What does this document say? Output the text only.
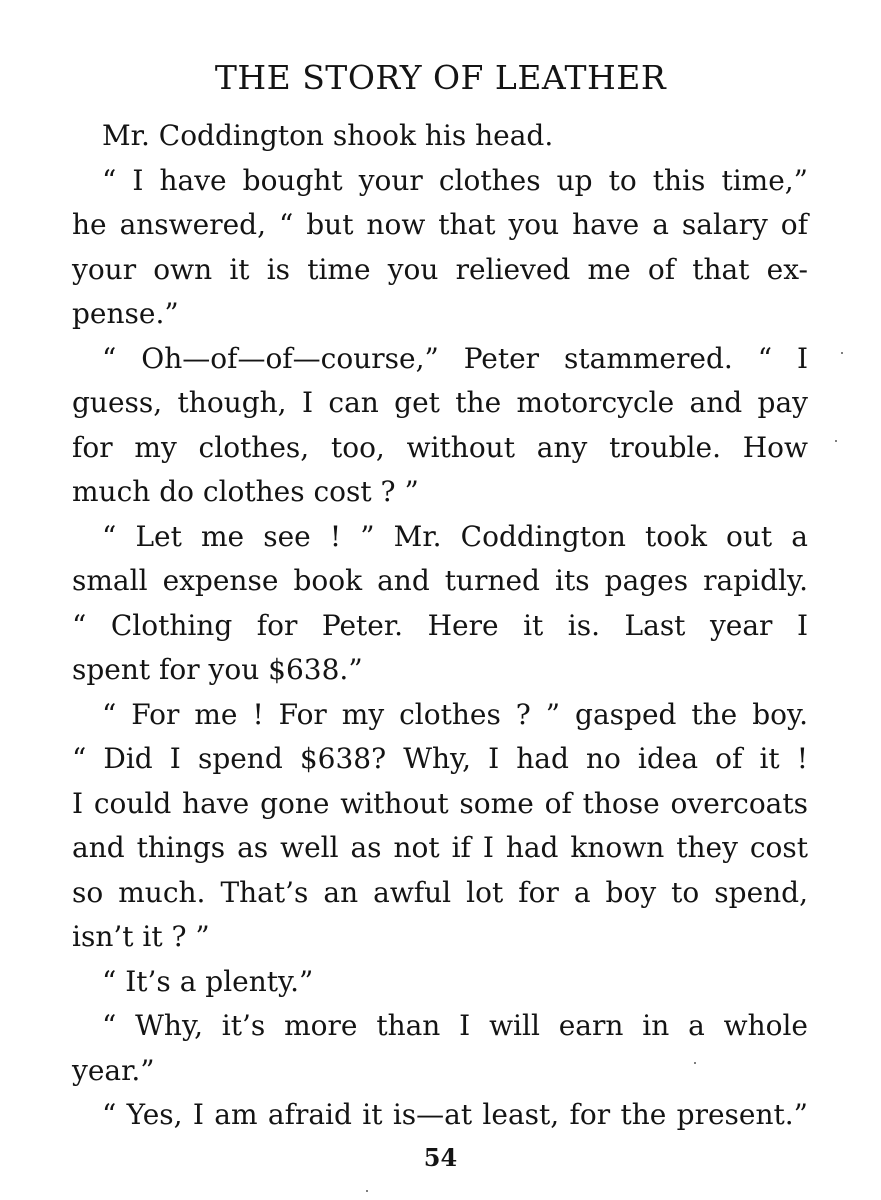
THE STORY OF LEATHER
Mr. Coddington shook his head.
“ I have bought your clothes up to this time,”
he answered, “ but now that you have a salary of
your own it is time you relieved me of that ex-
pense.”
“ Oh—of—of—course,” Peter stammered. “ I
guess, though, I can get the motorcycle and pay
for my clothes, too, without any trouble. How
much do clothes cost ? ”
“ Let me see ! ” Mr. Coddington took out a
small expense book and turned its pages rapidly.
“ Clothing for Peter. Here it is. Last year I
spent for you $638.”
“ For me ! For my clothes ? ” gasped the boy.
“ Did I spend $638? Why, I had no idea of it !
I could have gone without some of those overcoats
and things as well as not if I had known they cost
so much. That’s an awful lot for a boy to spend,
isn’t it ? ”
“ It’s a plenty.”
“ Why, it’s more than I will earn in a whole
year.”
“ Yes, I am afraid it is—at least, for the present.”
54
